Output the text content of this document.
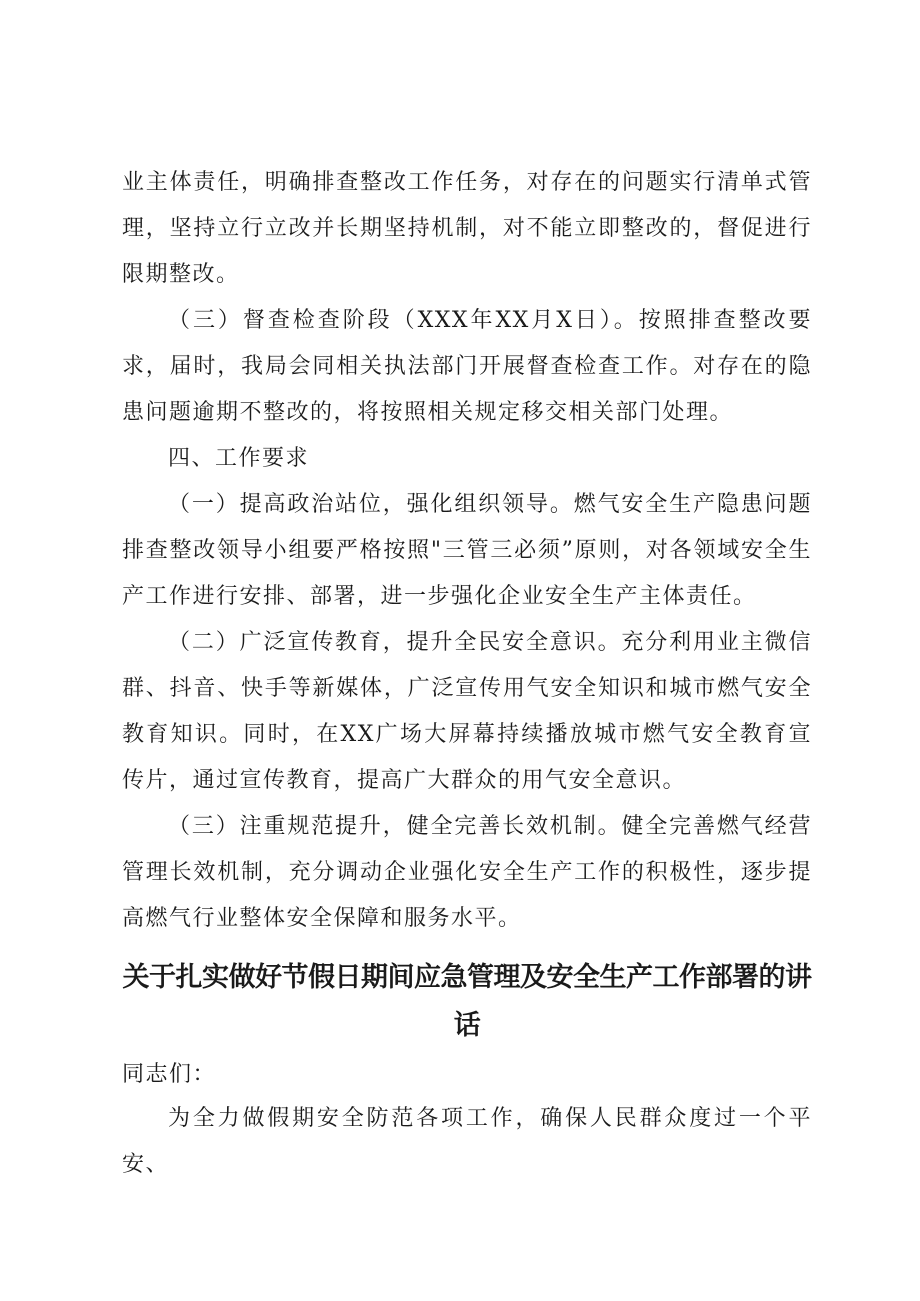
业主体责任，明确排查整改工作任务，对存在的问题实行清单式管理，坚持立行立改并长期坚持机制，对不能立即整改的，督促进行限期整改。

（三）督查检查阶段（XXX年XX月X日）。按照排查整改要求，届时，我局会同相关执法部门开展督查检查工作。对存在的隐患问题逾期不整改的，将按照相关规定移交相关部门处理。

四、工作要求

（一）提高政治站位，强化组织领导。燃气安全生产隐患问题排查整改领导小组要严格按照"三管三必须”原则，对各领域安全生产工作进行安排、部署，进一步强化企业安全生产主体责任。

（二）广泛宣传教育，提升全民安全意识。充分利用业主微信群、抖音、快手等新媒体，广泛宣传用气安全知识和城市燃气安全教育知识。同时，在XX广场大屏幕持续播放城市燃气安全教育宣传片，通过宣传教育，提高广大群众的用气安全意识。

（三）注重规范提升，健全完善长效机制。健全完善燃气经营管理长效机制，充分调动企业强化安全生产工作的积极性，逐步提高燃气行业整体安全保障和服务水平。

关于扎实做好节假日期间应急管理及安全生产工作部署的讲话

同志们：

为全力做假期安全防范各项工作，确保人民群众度过一个平安、
